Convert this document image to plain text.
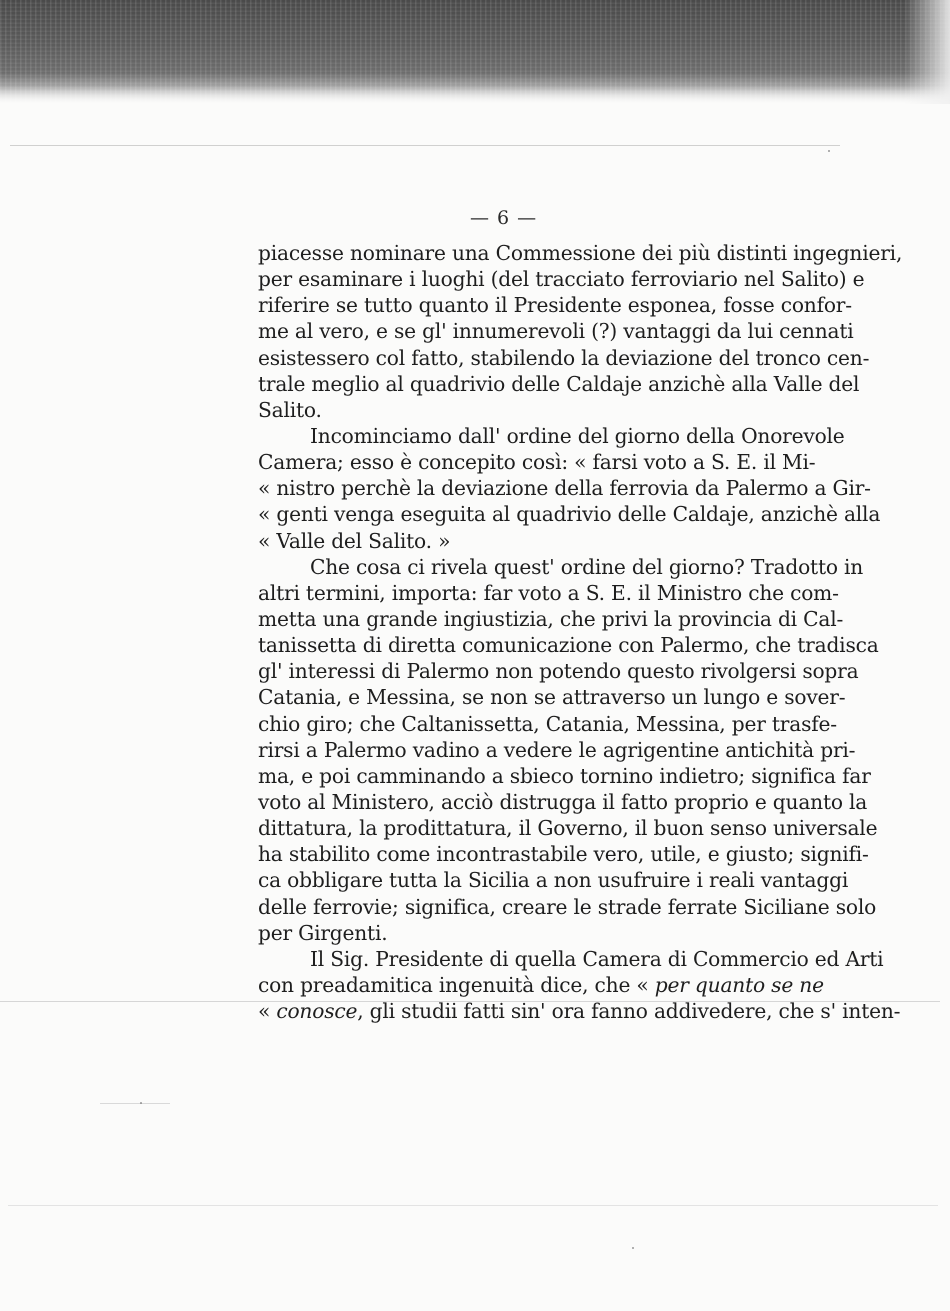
— 6 —
piacesse nominare una Commessione dei più distinti ingegnieri,
per esaminare i luoghi (del tracciato ferroviario nel Salito) e
riferire se tutto quanto il Presidente esponea, fosse confor-
me al vero, e se gl' innumerevoli (?) vantaggi da lui cennati
esistessero col fatto, stabilendo la deviazione del tronco cen-
trale meglio al quadrivio delle Caldaje anzichè alla Valle del
Salito.
Incominciamo dall' ordine del giorno della Onorevole
Camera; esso è concepito così: « farsi voto a S. E. il Mi-
« nistro perchè la deviazione della ferrovia da Palermo a Gir-
« genti venga eseguita al quadrivio delle Caldaje, anzichè alla
« Valle del Salito. »
Che cosa ci rivela quest' ordine del giorno? Tradotto in
altri termini, importa: far voto a S. E. il Ministro che com-
metta una grande ingiustizia, che privi la provincia di Cal-
tanissetta di diretta comunicazione con Palermo, che tradisca
gl' interessi di Palermo non potendo questo rivolgersi sopra
Catania, e Messina, se non se attraverso un lungo e sover-
chio giro; che Caltanissetta, Catania, Messina, per trasfe-
rirsi a Palermo vadino a vedere le agrigentine antichità pri-
ma, e poi camminando a sbieco tornino indietro; significa far
voto al Ministero, acciò distrugga il fatto proprio e quanto la
dittatura, la prodittatura, il Governo, il buon senso universale
ha stabilito come incontrastabile vero, utile, e giusto; signifi-
ca obbligare tutta la Sicilia a non usufruire i reali vantaggi
delle ferrovie; significa, creare le strade ferrate Siciliane solo
per Girgenti.
Il Sig. Presidente di quella Camera di Commercio ed Arti
con preadamitica ingenuità dice, che « per quanto se ne
« conosce, gli studii fatti sin' ora fanno addivedere, che s' inten-
